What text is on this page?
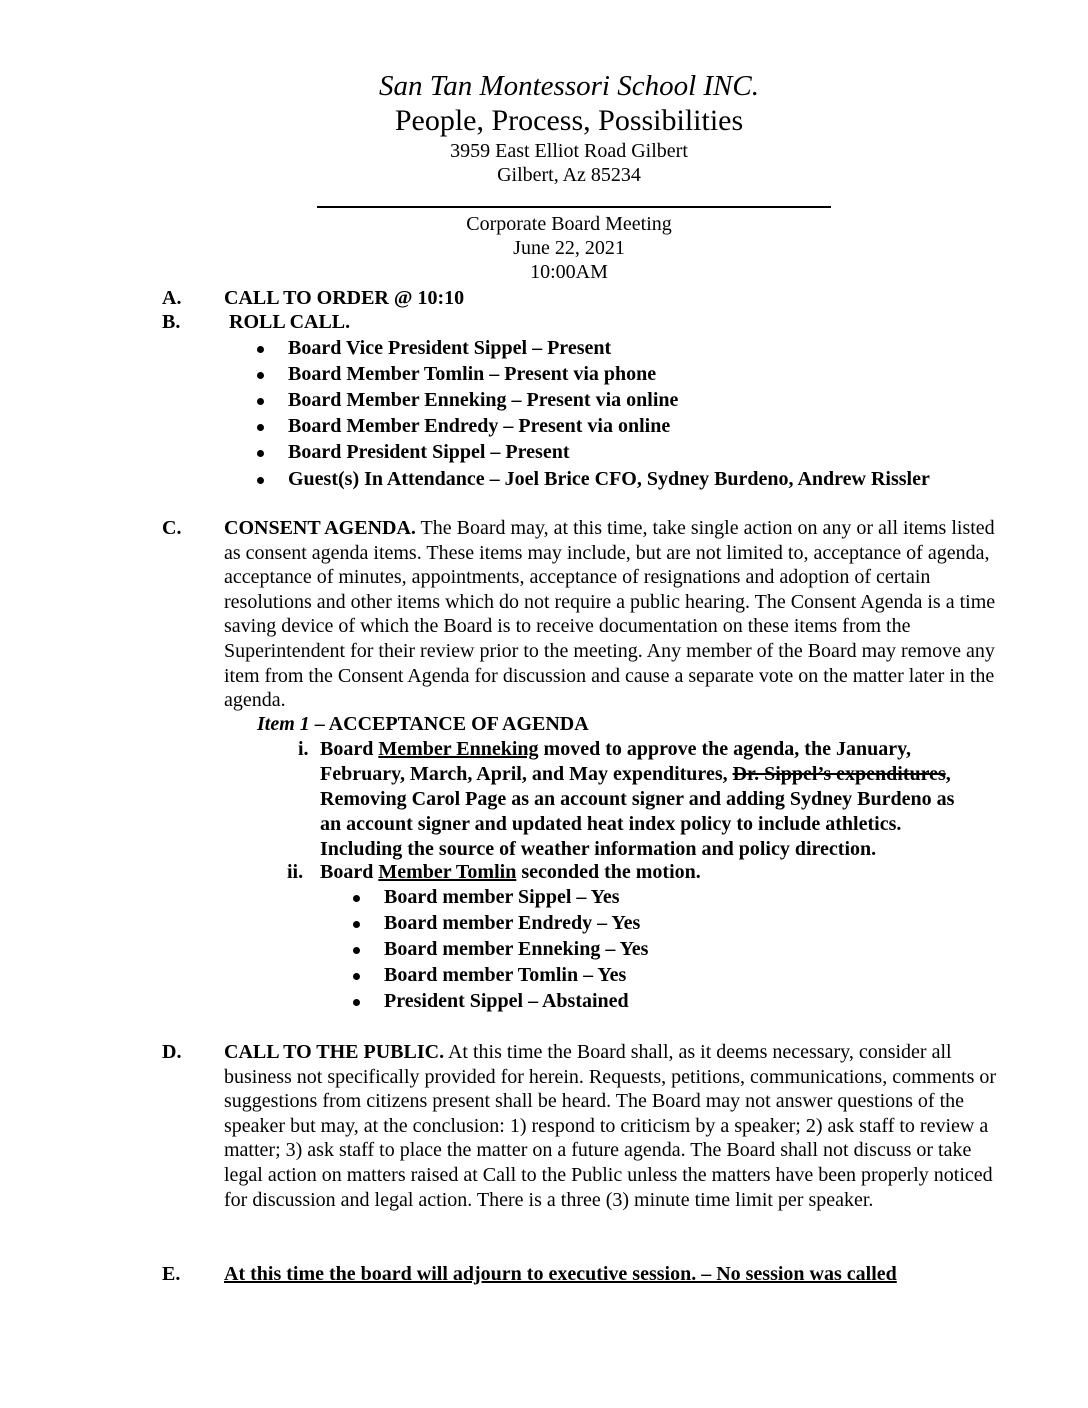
San Tan Montessori School INC.
People, Process, Possibilities
3959 East Elliot Road Gilbert
Gilbert, Az 85234
Corporate Board Meeting
June 22, 2021
10:00AM
A. CALL TO ORDER @ 10:10
B. ROLL CALL.
Board Vice President Sippel – Present
Board Member Tomlin – Present via phone
Board Member Enneking – Present via online
Board Member Endredy – Present via online
Board President Sippel – Present
Guest(s) In Attendance – Joel Brice CFO, Sydney Burdeno, Andrew Rissler
C. CONSENT AGENDA. The Board may, at this time, take single action on any or all items listed as consent agenda items. These items may include, but are not limited to, acceptance of agenda, acceptance of minutes, appointments, acceptance of resignations and adoption of certain resolutions and other items which do not require a public hearing. The Consent Agenda is a time saving device of which the Board is to receive documentation on these items from the Superintendent for their review prior to the meeting. Any member of the Board may remove any item from the Consent Agenda for discussion and cause a separate vote on the matter later in the agenda.
Item 1 – ACCEPTANCE OF AGENDA
i. Board Member Enneking moved to approve the agenda, the January,
February, March, April, and May expenditures, Dr. Sippel’s expenditures,
Removing Carol Page as an account signer and adding Sydney Burdeno as
an account signer and updated heat index policy to include athletics.
Including the source of weather information and policy direction.
ii. Board Member Tomlin seconded the motion.
Board member Sippel – Yes
Board member Endredy – Yes
Board member Enneking – Yes
Board member Tomlin – Yes
President Sippel – Abstained
D. CALL TO THE PUBLIC. At this time the Board shall, as it deems necessary, consider all business not specifically provided for herein. Requests, petitions, communications, comments or suggestions from citizens present shall be heard. The Board may not answer questions of the speaker but may, at the conclusion: 1) respond to criticism by a speaker; 2) ask staff to review a matter; 3) ask staff to place the matter on a future agenda. The Board shall not discuss or take legal action on matters raised at Call to the Public unless the matters have been properly noticed for discussion and legal action. There is a three (3) minute time limit per speaker.
E. At this time the board will adjourn to executive session. – No session was called
